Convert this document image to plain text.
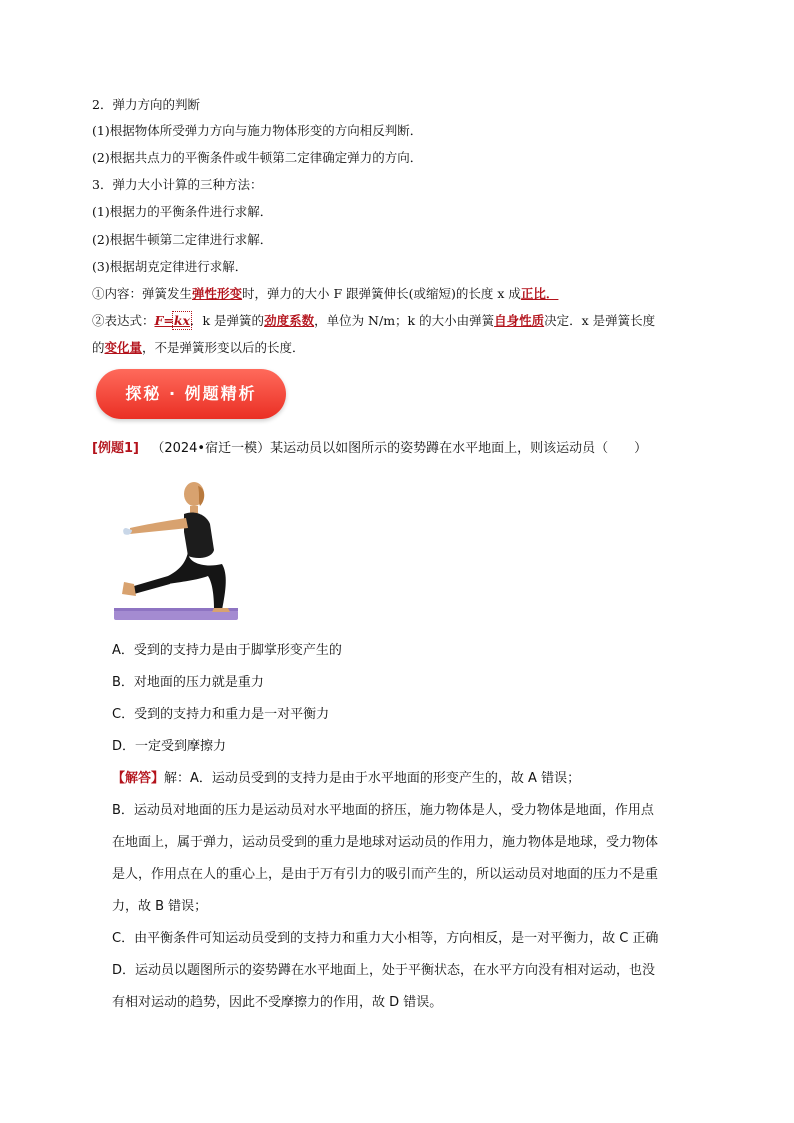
2．弹力方向的判断
(1)根据物体所受弹力方向与施力物体形变的方向相反判断．
(2)根据共点力的平衡条件或牛顿第二定律确定弹力的方向．
3．弹力大小计算的三种方法：
(1)根据力的平衡条件进行求解．
(2)根据牛顿第二定律进行求解．
(3)根据胡克定律进行求解．
①内容：弹簧发生弹性形变时，弹力的大小 F 跟弹簧伸长(或缩短)的长度 x 成正比．
②表达式：F=kx．k 是弹簧的劲度系数，单位为 N/m；k 的大小由弹簧自身性质决定．x 是弹簧长度
的变化量，不是弹簧形变以后的长度．
探秘 · 例题精析
[例题1] （2024•宿迁一模）某运动员以如图所示的姿势蹲在水平地面上，则该运动员（　　）
A．受到的支持力是由于脚掌形变产生的
B．对地面的压力就是重力
C．受到的支持力和重力是一对平衡力
D．一定受到摩擦力
【解答】解：A．运动员受到的支持力是由于水平地面的形变产生的，故 A 错误；
B．运动员对地面的压力是运动员对水平地面的挤压，施力物体是人，受力物体是地面，作用点
在地面上，属于弹力，运动员受到的重力是地球对运动员的作用力，施力物体是地球，受力物体
是人，作用点在人的重心上，是由于万有引力的吸引而产生的，所以运动员对地面的压力不是重
力，故 B 错误；
C．由平衡条件可知运动员受到的支持力和重力大小相等，方向相反，是一对平衡力，故 C 正确
D．运动员以题图所示的姿势蹲在水平地面上，处于平衡状态，在水平方向没有相对运动，也没
有相对运动的趋势，因此不受摩擦力的作用，故 D 错误。
